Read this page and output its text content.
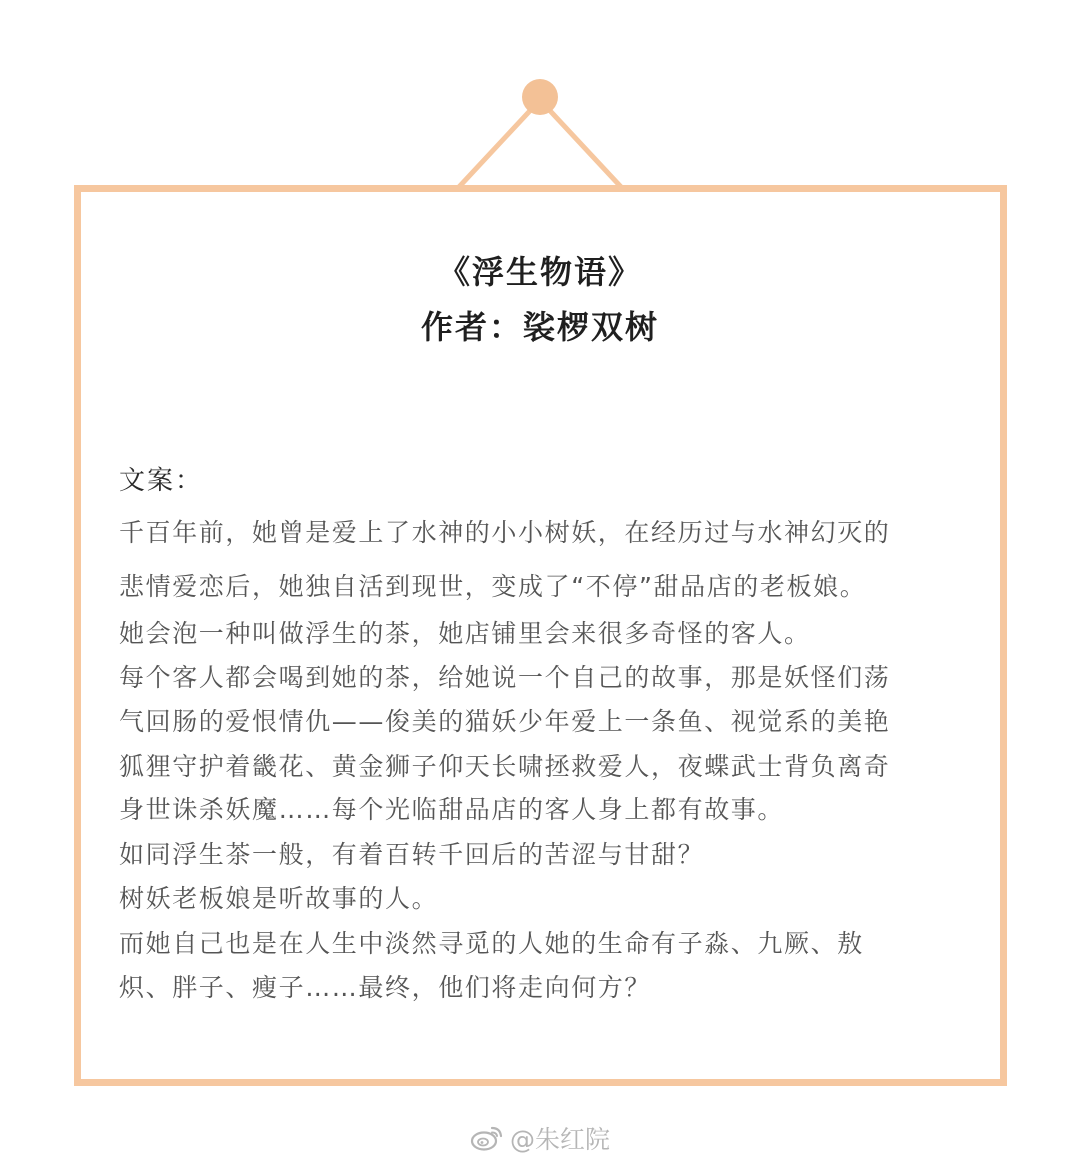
《浮生物语》
作者：裟椤双树
文案：
千百年前，她曾是爱上了水神的小小树妖，在经历过与水神幻灭的
悲情爱恋后，她独自活到现世，变成了“不停”甜品店的老板娘。
她会泡一种叫做浮生的茶，她店铺里会来很多奇怪的客人。
每个客人都会喝到她的茶，给她说一个自己的故事，那是妖怪们荡
气回肠的爱恨情仇——俊美的猫妖少年爱上一条鱼、视觉系的美艳
狐狸守护着畿花、黄金狮子仰天长啸拯救爱人，夜蝶武士背负离奇
身世诛杀妖魔……每个光临甜品店的客人身上都有故事。
如同浮生茶一般，有着百转千回后的苦涩与甘甜？
树妖老板娘是听故事的人。
而她自己也是在人生中淡然寻觅的人她的生命有子淼、九厥、敖
炽、胖子、瘦子……最终，他们将走向何方？
@朱红院
